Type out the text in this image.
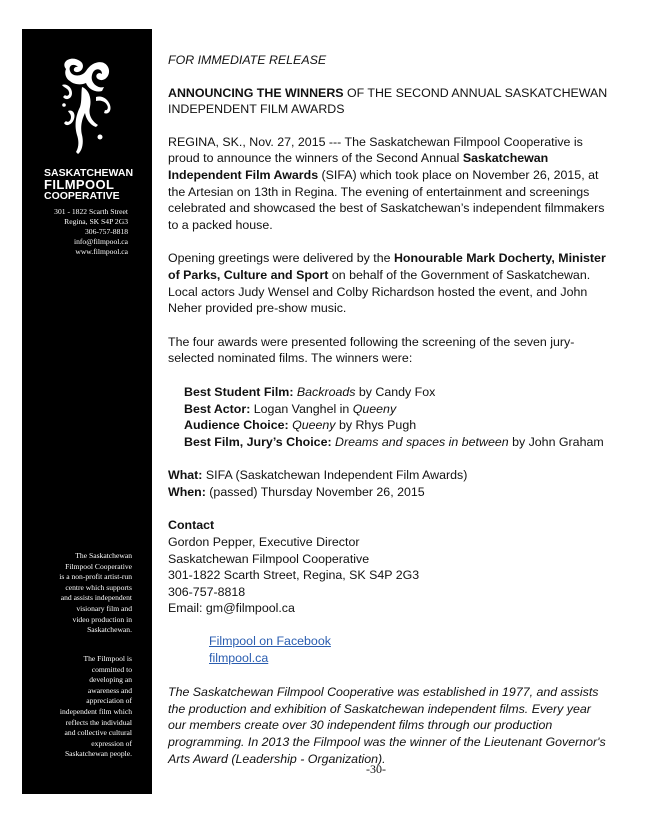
SASKATCHEWAN
FILMPOOL
COOPERATIVE
301 - 1822 Scarth Street
Regina, SK S4P 2G3
306-757-8818
info@filmpool.ca
www.filmpool.ca
The Saskatchewan
Filmpool Cooperative
is a non-profit artist-run
centre which supports
and assists independent
visionary film and
video production in
Saskatchewan.
The Filmpool is
committed to
developing an
awareness and
appreciation of
independent film which
reflects the individual
and collective cultural
expression of
Saskatchewan people.

FOR IMMEDIATE RELEASE

ANNOUNCING THE WINNERS OF THE SECOND ANNUAL SASKATCHEWAN INDEPENDENT FILM AWARDS

REGINA, SK., Nov. 27, 2015 --- The Saskatchewan Filmpool Cooperative is proud to announce the winners of the Second Annual Saskatchewan Independent Film Awards (SIFA) which took place on November 26, 2015, at the Artesian on 13th in Regina. The evening of entertainment and screenings celebrated and showcased the best of Saskatchewan’s independent filmmakers to a packed house.

Opening greetings were delivered by the Honourable Mark Docherty, Minister of Parks, Culture and Sport on behalf of the Government of Saskatchewan. Local actors Judy Wensel and Colby Richardson hosted the event, and John Neher provided pre-show music.

The four awards were presented following the screening of the seven jury-selected nominated films. The winners were:

Best Student Film: Backroads by Candy Fox
Best Actor: Logan Vanghel in Queeny
Audience Choice: Queeny by Rhys Pugh
Best Film, Jury’s Choice: Dreams and spaces in between by John Graham

What: SIFA (Saskatchewan Independent Film Awards)
When: (passed) Thursday November 26, 2015

Contact
Gordon Pepper, Executive Director
Saskatchewan Filmpool Cooperative
301-1822 Scarth Street, Regina, SK S4P 2G3
306-757-8818
Email: gm@filmpool.ca
Filmpool on Facebook
filmpool.ca

The Saskatchewan Filmpool Cooperative was established in 1977, and assists the production and exhibition of Saskatchewan independent films. Every year our members create over 30 independent films through our production programming. In 2013 the Filmpool was the winner of the Lieutenant Governor's Arts Award (Leadership - Organization).

-30-
